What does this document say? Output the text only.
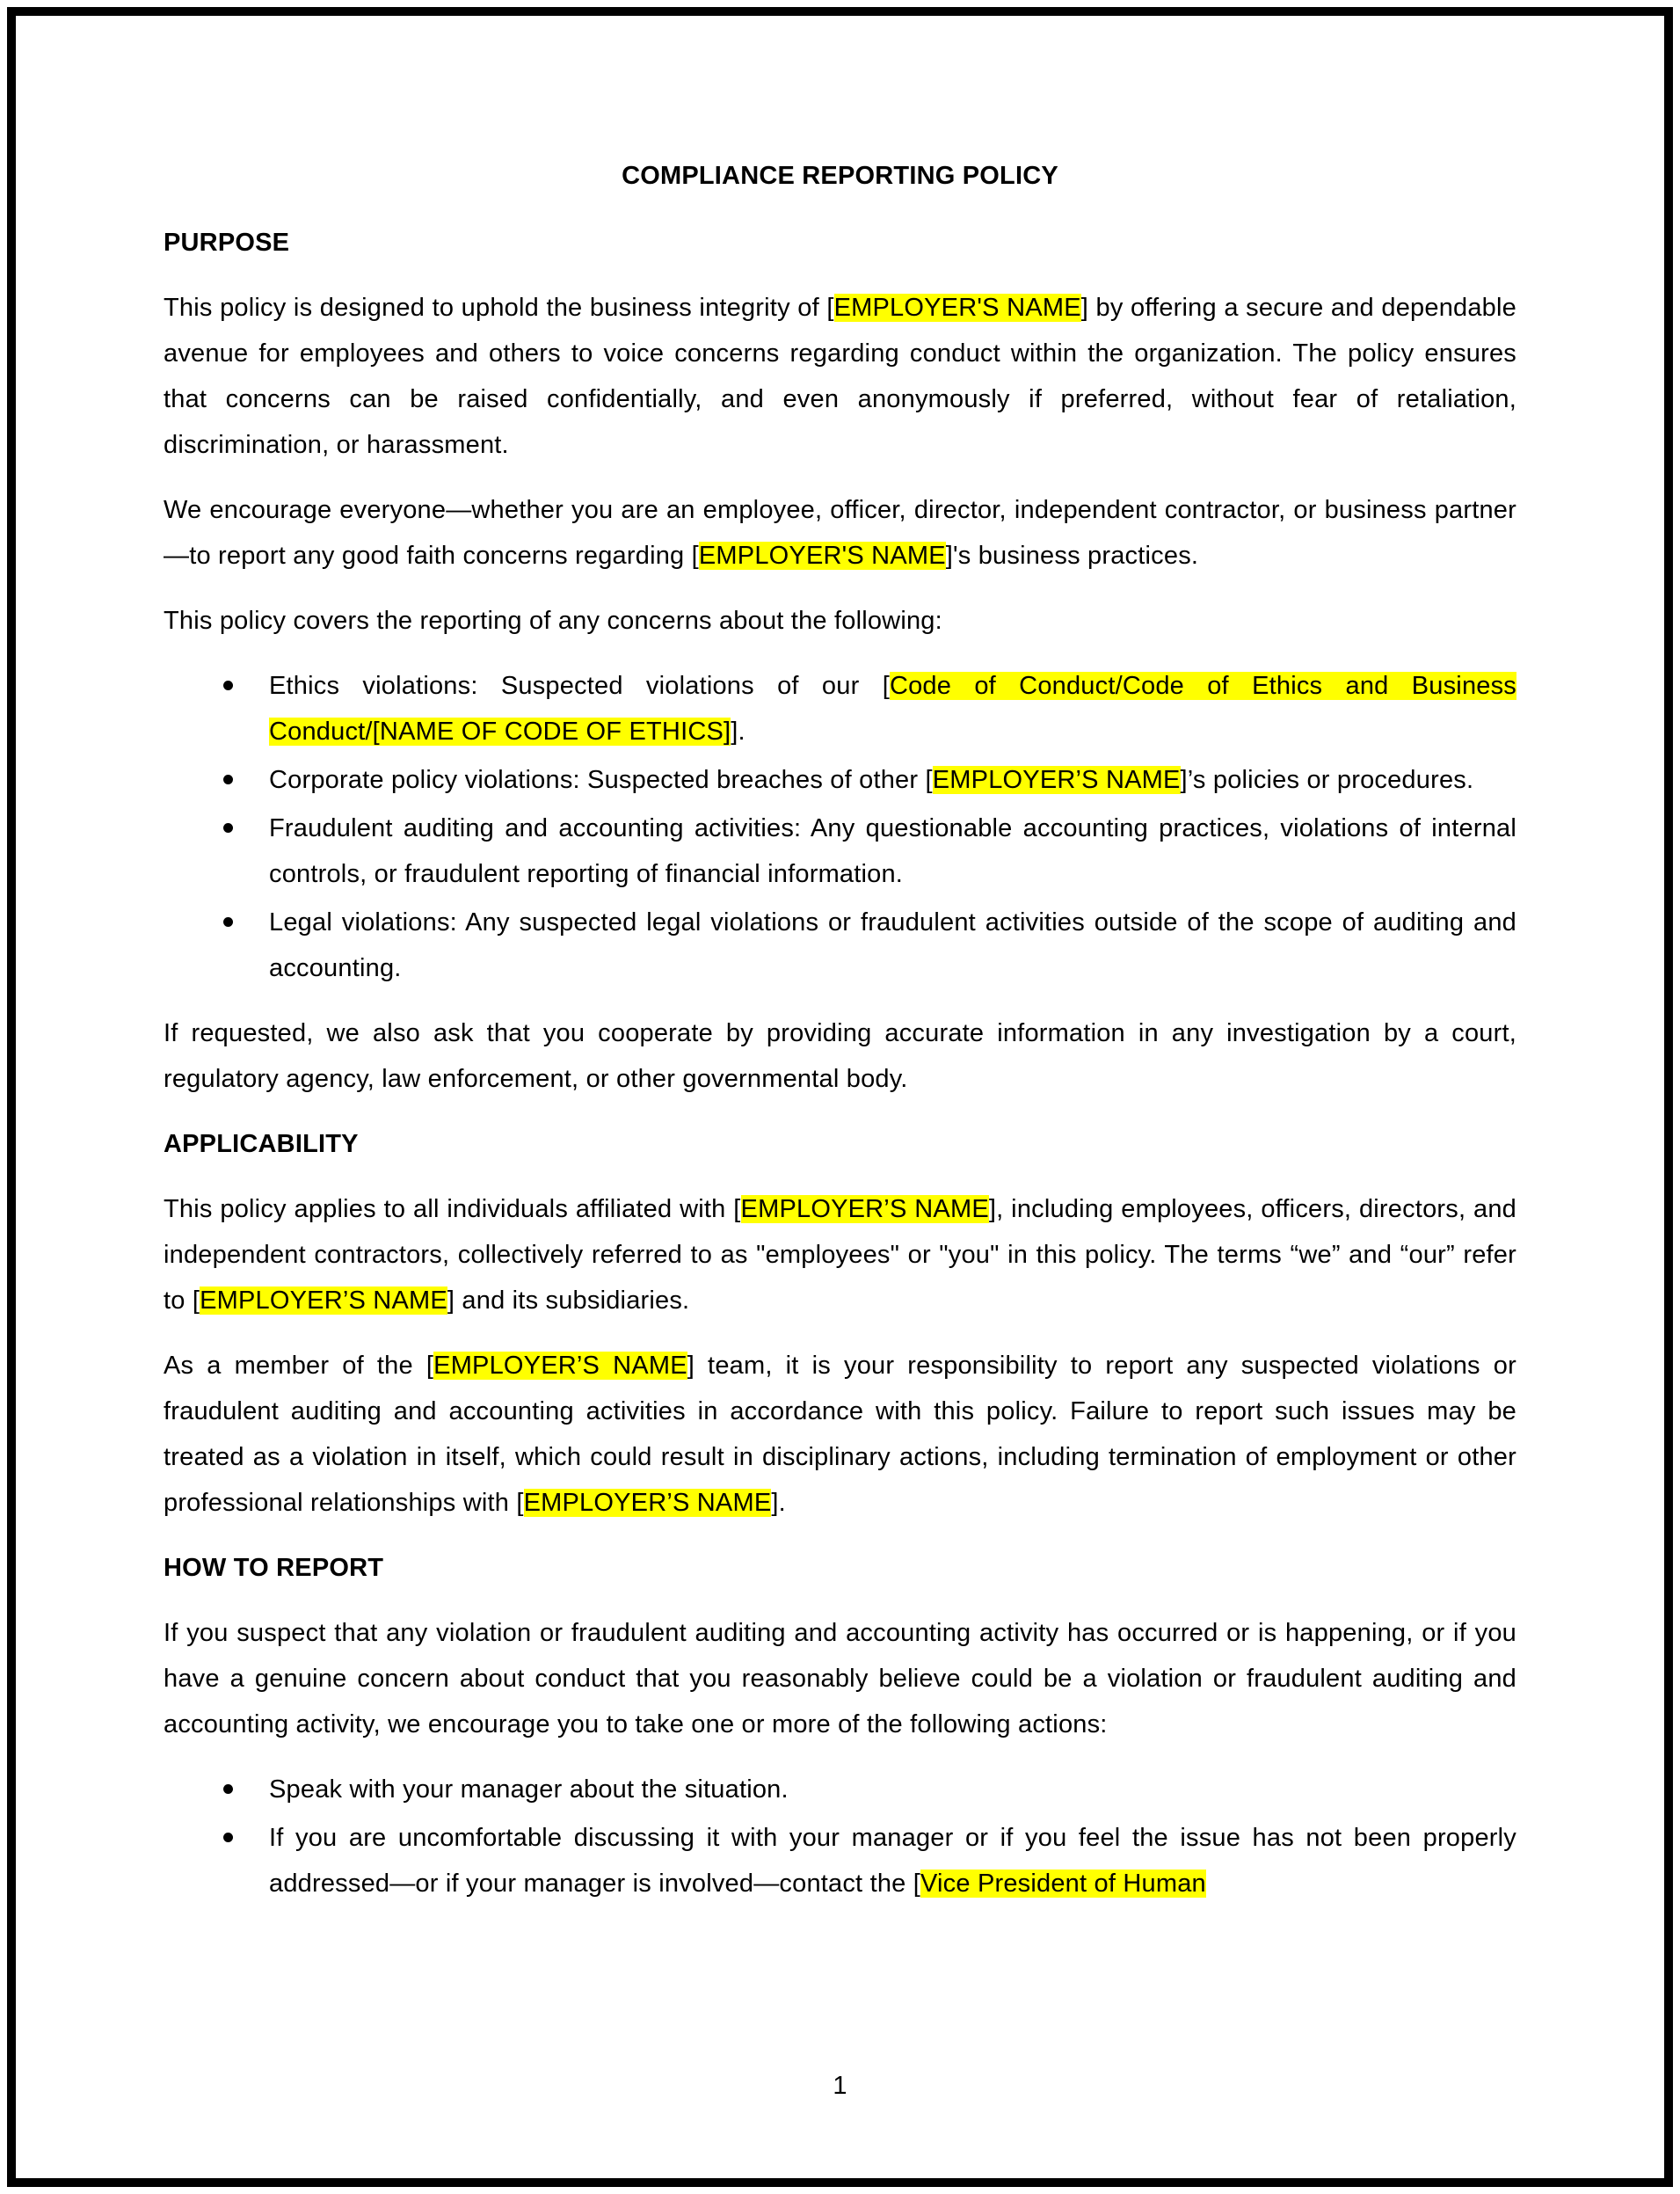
COMPLIANCE REPORTING POLICY
PURPOSE

This policy is designed to uphold the business integrity of [EMPLOYER'S NAME] by offering a secure and dependable avenue for employees and others to voice concerns regarding conduct within the organization. The policy ensures that concerns can be raised confidentially, and even anonymously if preferred, without fear of retaliation, discrimination, or harassment.

We encourage everyone—whether you are an employee, officer, director, independent contractor, or business partner—to report any good faith concerns regarding [EMPLOYER'S NAME]'s business practices.

This policy covers the reporting of any concerns about the following:

Ethics violations: Suspected violations of our [Code of Conduct/Code of Ethics and Business Conduct/[NAME OF CODE OF ETHICS]].
Corporate policy violations: Suspected breaches of other [EMPLOYER’S NAME]’s policies or procedures.
Fraudulent auditing and accounting activities: Any questionable accounting practices, violations of internal controls, or fraudulent reporting of financial information.
Legal violations: Any suspected legal violations or fraudulent activities outside of the scope of auditing and accounting.

If requested, we also ask that you cooperate by providing accurate information in any investigation by a court, regulatory agency, law enforcement, or other governmental body.

APPLICABILITY

This policy applies to all individuals affiliated with [EMPLOYER’S NAME], including employees, officers, directors, and independent contractors, collectively referred to as "employees" or "you" in this policy. The terms “we” and “our” refer to [EMPLOYER’S NAME] and its subsidiaries.

As a member of the [EMPLOYER’S NAME] team, it is your responsibility to report any suspected violations or fraudulent auditing and accounting activities in accordance with this policy. Failure to report such issues may be treated as a violation in itself, which could result in disciplinary actions, including termination of employment or other professional relationships with [EMPLOYER’S NAME].

HOW TO REPORT

If you suspect that any violation or fraudulent auditing and accounting activity has occurred or is happening, or if you have a genuine concern about conduct that you reasonably believe could be a violation or fraudulent auditing and accounting activity, we encourage you to take one or more of the following actions:

Speak with your manager about the situation.
If you are uncomfortable discussing it with your manager or if you feel the issue has not been properly addressed—or if your manager is involved—contact the [Vice President of Human
1
